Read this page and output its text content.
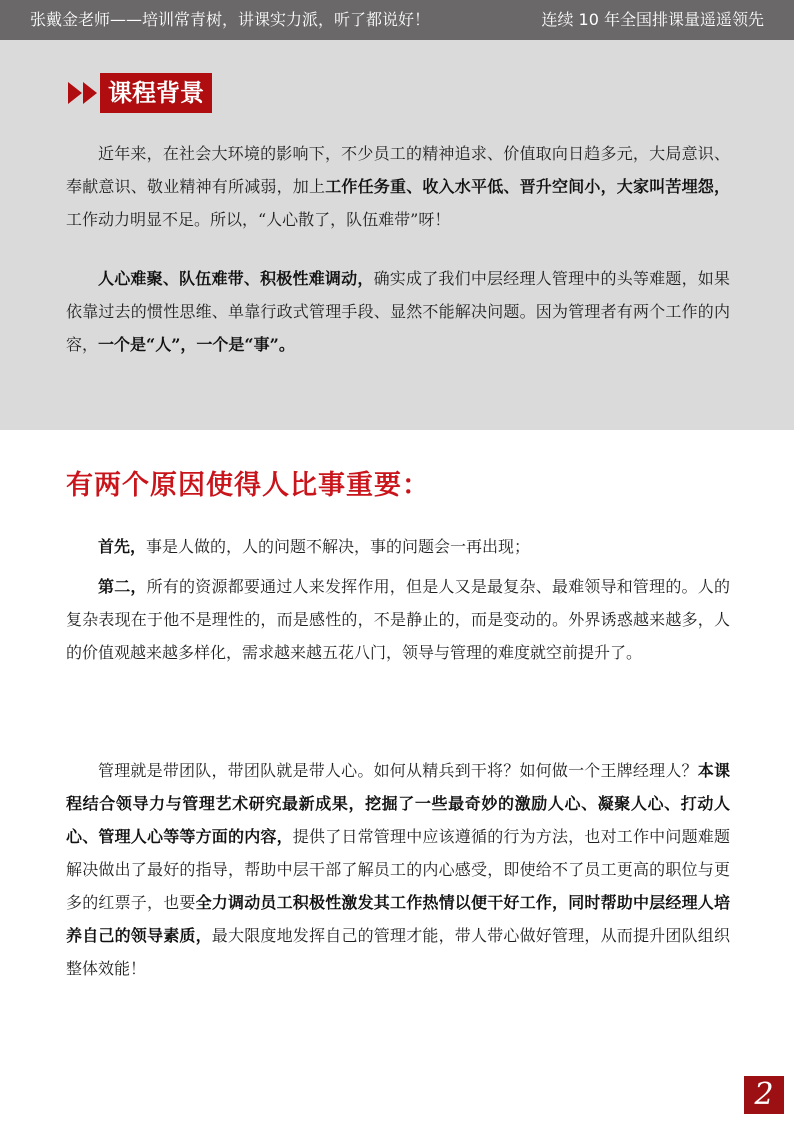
张戴金老师——培训常青树，讲课实力派，听了都说好！	连续 10 年全国排课量遥遥领先
课程背景

近年来，在社会大环境的影响下，不少员工的精神追求、价值取向日趋多元，大局意识、奉献意识、敬业精神有所减弱，加上工作任务重、收入水平低、晋升空间小，大家叫苦埋怨，工作动力明显不足。所以，“人心散了，队伍难带”呀！

人心难聚、队伍难带、积极性难调动，确实成了我们中层经理人管理中的头等难题，如果依靠过去的惯性思维、单靠行政式管理手段、显然不能解决问题。因为管理者有两个工作的内容，一个是“人”，一个是“事”。

有两个原因使得人比事重要：

首先，事是人做的，人的问题不解决，事的问题会一再出现；

第二，所有的资源都要通过人来发挥作用，但是人又是最复杂、最难领导和管理的。人的复杂表现在于他不是理性的，而是感性的，不是静止的，而是变动的。外界诱惑越来越多，人的价值观越来越多样化，需求越来越五花八门，领导与管理的难度就空前提升了。

管理就是带团队，带团队就是带人心。如何从精兵到干将？如何做一个王牌经理人？本课程结合领导力与管理艺术研究最新成果，挖掘了一些最奇妙的激励人心、凝聚人心、打动人心、管理人心等等方面的内容，提供了日常管理中应该遵循的行为方法，也对工作中问题难题解决做出了最好的指导，帮助中层干部了解员工的内心感受，即使给不了员工更高的职位与更多的红票子，也要全力调动员工积极性激发其工作热情以便干好工作，同时帮助中层经理人培养自己的领导素质，最大限度地发挥自己的管理才能，带人带心做好管理，从而提升团队组织整体效能！

2
